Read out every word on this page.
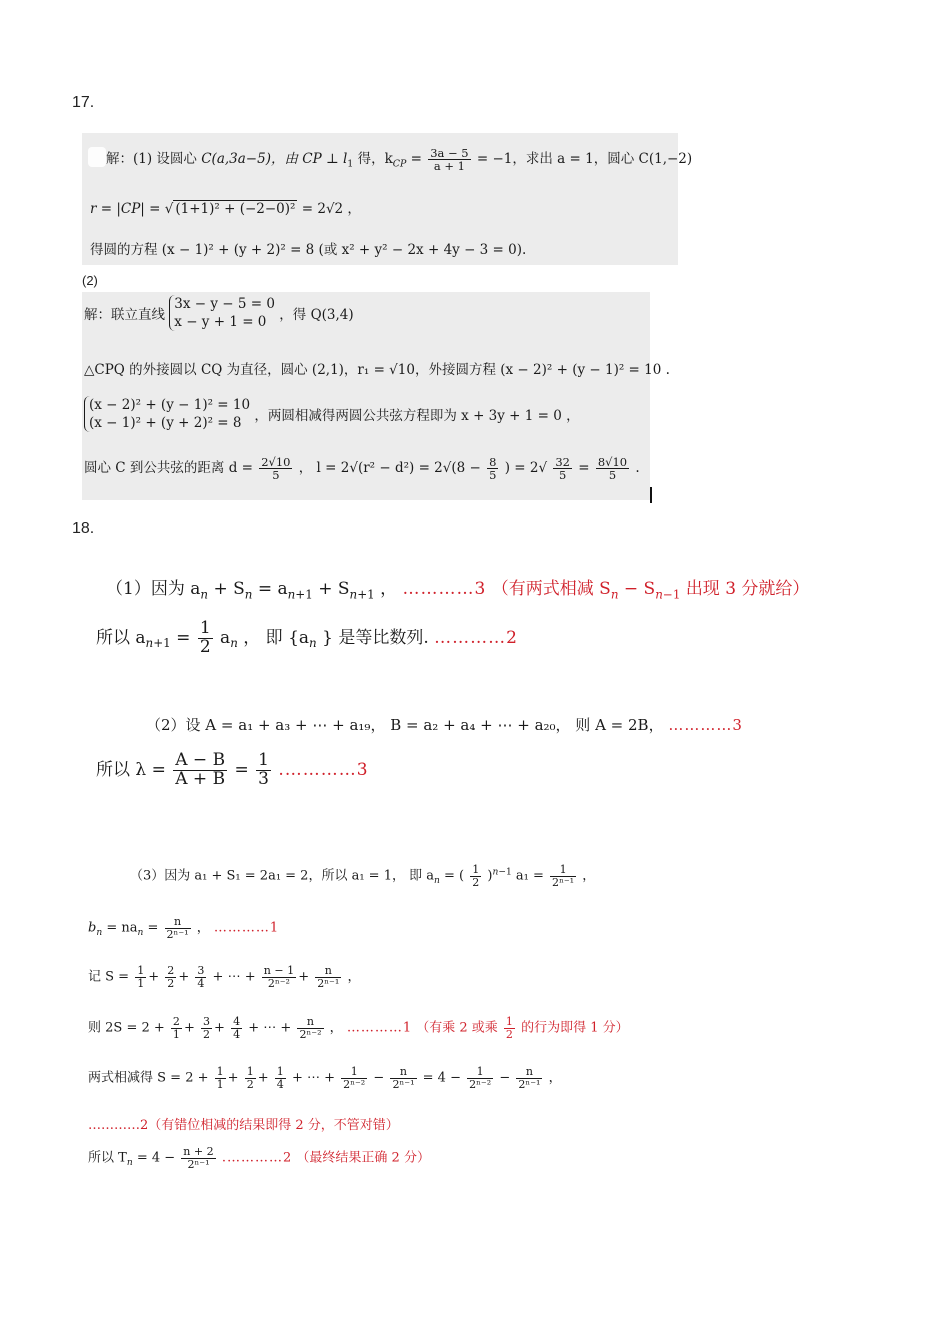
17.
解：(1) 设圆心 C(a,3a−5)，由 CP ⊥ $l_1$ 得，$k_{CP} = \frac{3a - 5}{a + 1} = -1$，求出 a = 1，圆心 C(1,−2)
r = |CP| = √ (1+1)² + (−2−0)² = 2√2 ，
得圆的方程 (x − 1)² + (y + 2)² = 8 (或 x² + y² − 2x + 4y − 3 = 0).
(2)
解：联立直线
3x − y − 5 = 0
x − y + 1 = 0 ，得 Q(3,4)
△CPQ 的外接圆以 CQ 为直径，圆心 (2,1)，r₁ = √10，外接圆方程 (x − 2)² + (y − 1)² = 10 .
(x − 2)² + (y − 1)² = 10
(x − 1)² + (y + 2)² = 8 ，两圆相减得两圆公共弦方程即为 x + 3y + 1 = 0 ，
圆心 C 到公共弦的距离 $d = \frac{2√10}{5}$ ， $l = 2√(r^2 - d^2) = 2√(8 - \frac{8}{5}$ ) = $2√ \frac{32}{5} = \frac{8√10}{5}$ .
18.
（1）因为 $a_n + S_n = a_{n+1} + S_{n+1}$ ， …………3 （有两式相减 $S_n - S_{n-1}$ 出现 3 分就给）
所以 $a_{n+1} = \frac{1}{2} a_n$ ， 即 {$a_n$ } 是等比数列. …………2
（2）设 A = a₁ + a₃ + ⋯ + a₁₉， B = a₂ + a₄ + ⋯ + a₂₀， 则 A = 2B， …………3
所以 $\lambda = \frac{A - B}{A + B} = \frac{1}{3}$ .…………3
（3）因为 a₁ + S₁ = 2a₁ = 2，所以 a₁ = 1， 即 $a_n$ = ( $\frac{1}{2} )^{n-1}$ $a_1 = \frac{1}{\text{2ⁿ⁻¹}}$ ，
$b_n = na_n = \frac{n}{\text{2ⁿ⁻¹}}$ ， …………1
记 $S = \frac{1}{1} + \frac{2}{2} + \frac{3}{4}$ + ⋯ + $\frac{n - 1}{\text{2ⁿ⁻²}} + \frac{n}{\text{2ⁿ⁻¹}}$ ，
则 $2S = 2 + \frac{2}{1} + \frac{3}{2} + \frac{4}{4}$ + ⋯ + $\frac{n}{\text{2ⁿ⁻²}}$ ， …………1 （有乘 2 或乘 $\frac{1}{2}$ 的行为即得 1 分）
两式相减得 $S = 2 + \frac{1}{1} + \frac{1}{2} + \frac{1}{4}$ + ⋯ + $\frac{1}{\text{2ⁿ⁻²}} - \frac{n}{\text{2ⁿ⁻¹}} = 4 - \frac{1}{\text{2ⁿ⁻²}} - \frac{n}{\text{2ⁿ⁻¹}}$ ，
…………2（有错位相减的结果即得 2 分，不管对错）
所以 $T_n = 4 - \frac{n + 2}{\text{2ⁿ⁻¹}}$ .…………2 （最终结果正确 2 分）
